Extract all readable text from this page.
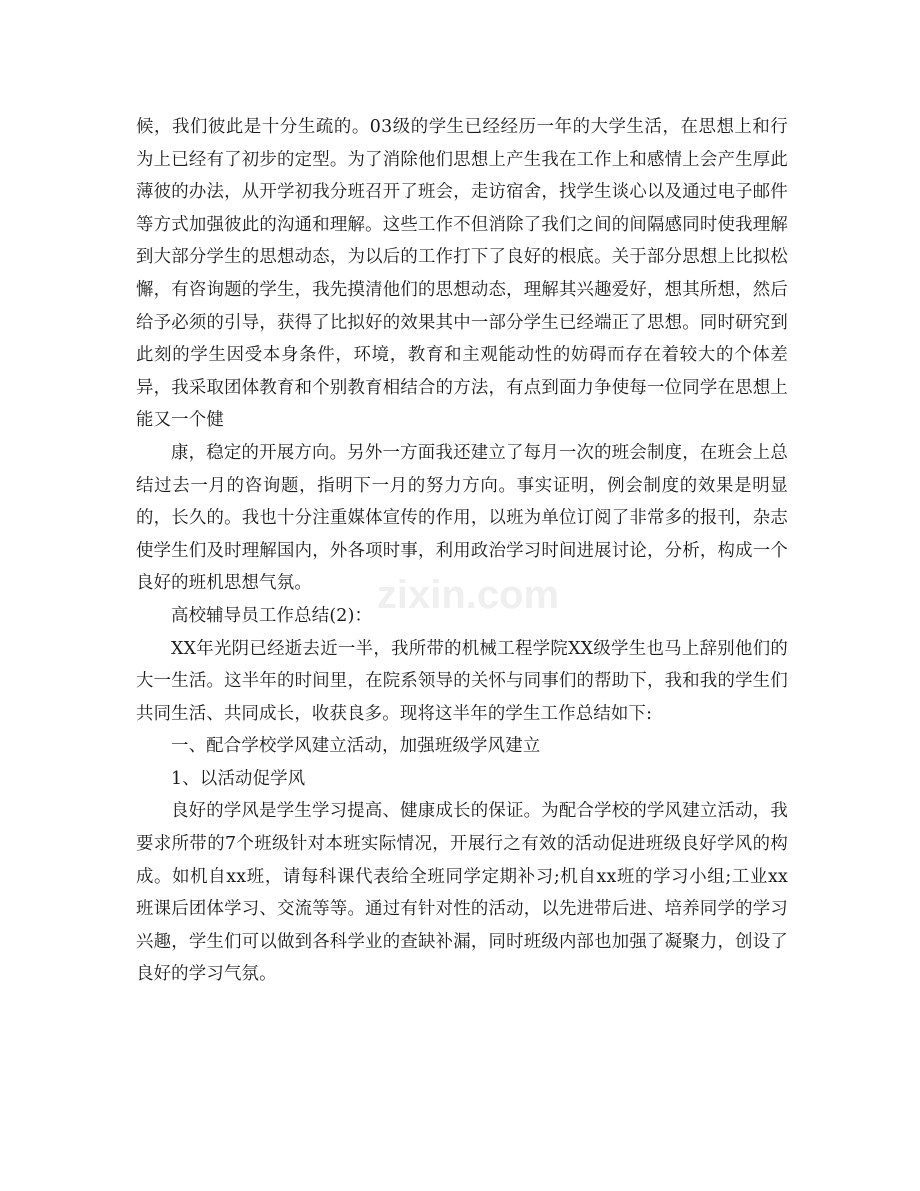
候，我们彼此是十分生疏的。03级的学生已经经历一年的大学生活，在思想上和行为上已经有了初步的定型。为了消除他们思想上产生我在工作上和感情上会产生厚此薄彼的办法，从开学初我分班召开了班会，走访宿舍，找学生谈心以及通过电子邮件等方式加强彼此的沟通和理解。这些工作不但消除了我们之间的间隔感同时使我理解到大部分学生的思想动态，为以后的工作打下了良好的根底。关于部分思想上比拟松懈，有咨询题的学生，我先摸清他们的思想动态，理解其兴趣爱好，想其所想，然后给予必须的引导，获得了比拟好的效果其中一部分学生已经端正了思想。同时研究到此刻的学生因受本身条件，环境，教育和主观能动性的妨碍而存在着较大的个体差异，我采取团体教育和个别教育相结合的方法，有点到面力争使每一位同学在思想上能又一个健

康，稳定的开展方向。另外一方面我还建立了每月一次的班会制度，在班会上总结过去一月的咨询题，指明下一月的努力方向。事实证明，例会制度的效果是明显的，长久的。我也十分注重媒体宣传的作用，以班为单位订阅了非常多的报刊，杂志使学生们及时理解国内，外各项时事，利用政治学习时间进展讨论，分析，构成一个良好的班机思想气氛。

高校辅导员工作总结(2)：

XX年光阴已经逝去近一半，我所带的机械工程学院XX级学生也马上辞别他们的大一生活。这半年的时间里，在院系领导的关怀与同事们的帮助下，我和我的学生们共同生活、共同成长，收获良多。现将这半年的学生工作总结如下:

一、配合学校学风建立活动，加强班级学风建立

1、以活动促学风

良好的学风是学生学习提高、健康成长的保证。为配合学校的学风建立活动，我要求所带的7个班级针对本班实际情况，开展行之有效的活动促进班级良好学风的构成。如机自xx班，请每科课代表给全班同学定期补习;机自xx班的学习小组;工业xx班课后团体学习、交流等等。通过有针对性的活动，以先进带后进、培养同学的学习兴趣，学生们可以做到各科学业的查缺补漏，同时班级内部也加强了凝聚力，创设了良好的学习气氛。

zixin.com
